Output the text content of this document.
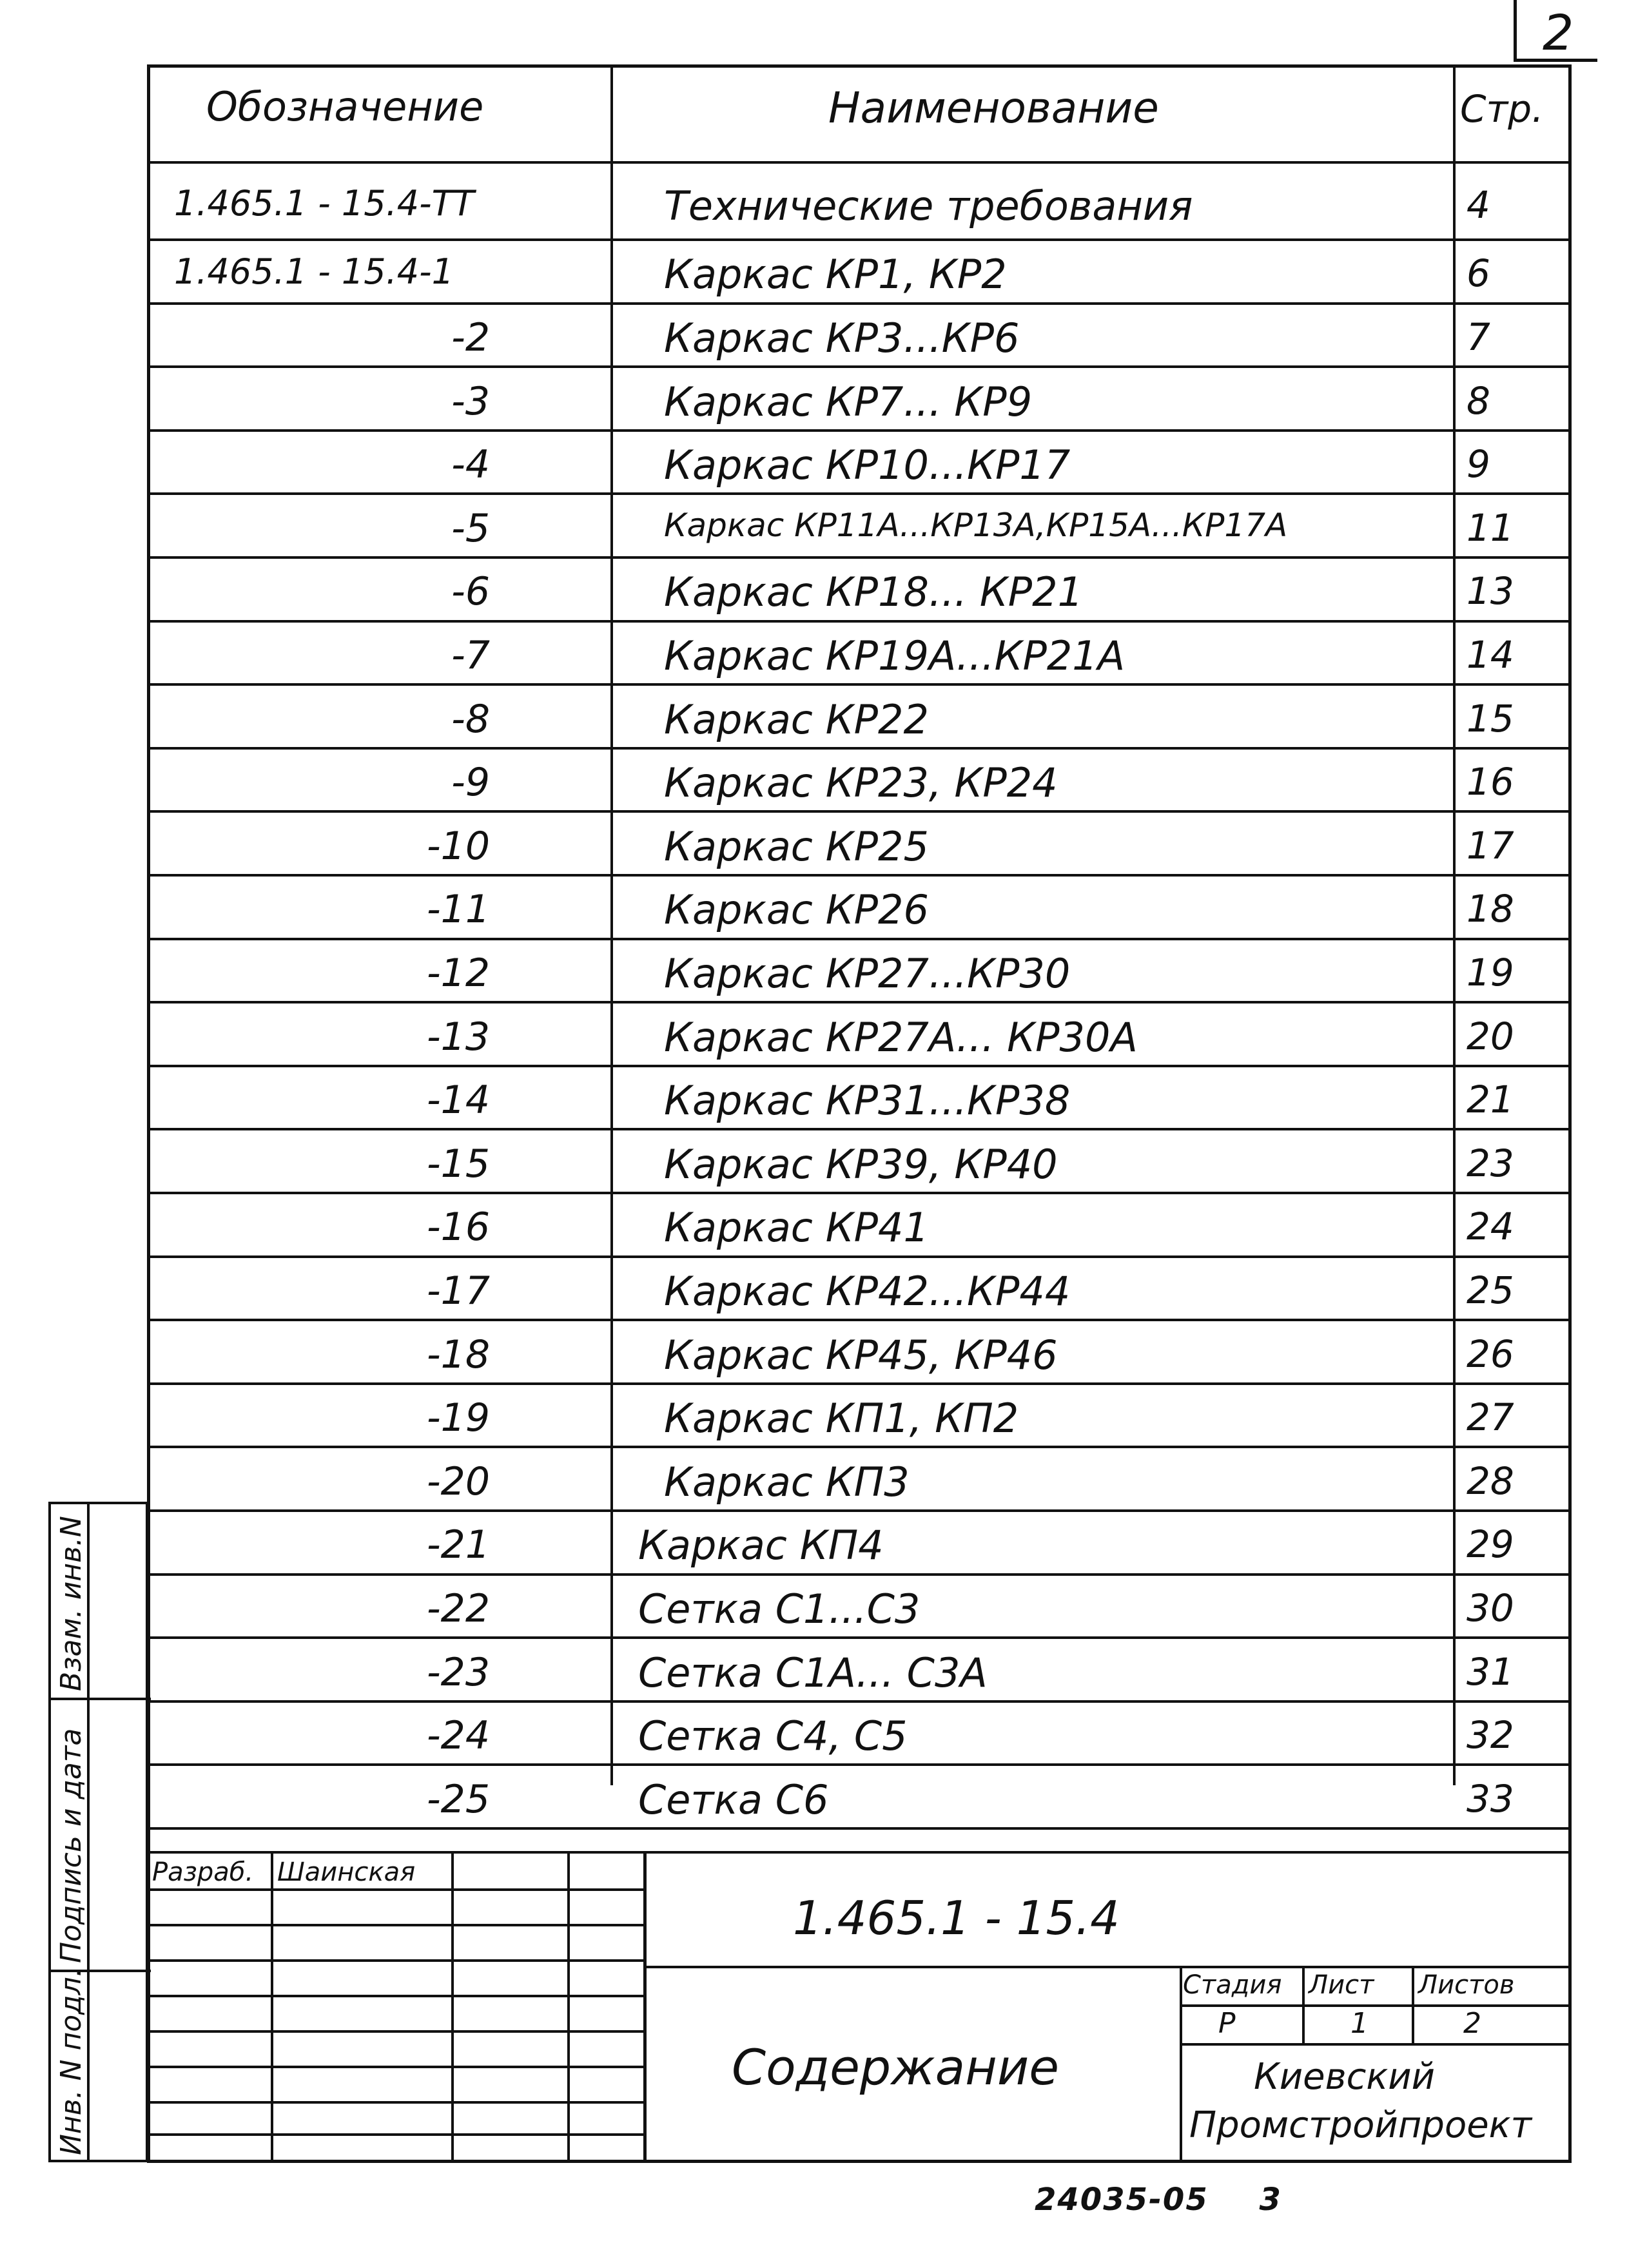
2
1.465.1 - 15.4-ТТ	Технические требования	4
1.465.1 - 15.4-1	Каркас КР1, КР2	6
-2	Каркас КР3...КР6	7
-3	Каркас КР7... КР9	8
-4	Каркас КР10...КР17	9
-5	Каркас КР11А...КР13А,КР15А...КР17А	11
-6	Каркас КР18... КР21	13
-7	Каркас КР19А...КР21А	14
-8	Каркас КР22	15
-9	Каркас КР23, КР24	16
-10	Каркас КР25	17
-11	Каркас КР26	18
-12	Каркас КР27...КР30	19
-13	Каркас КР27А... КР30А	20
-14	Каркас КР31...КР38	21
-15	Каркас КР39, КР40	23
-16	Каркас КР41	24
-17	Каркас КР42...КР44	25
-18	Каркас КР45, КР46	26
-19	Каркас КП1, КП2	27
-20	Каркас КП3	28
-21	Каркас КП4	29
-22	Сетка С1...С3	30
-23	Сетка С1А... С3А	31
-24	Сетка С4, С5	32
-25	Сетка С6	33
Обозначение	Наименование	Стр.
Взам. инв.N
Подпись и дата
Инв. N подл.
24035-05 3
Разраб. Шаинская
1.465.1 - 15.4
Содержание
Стадия Лист Листов
Р	1	2
Киевский
Промстройпроект
